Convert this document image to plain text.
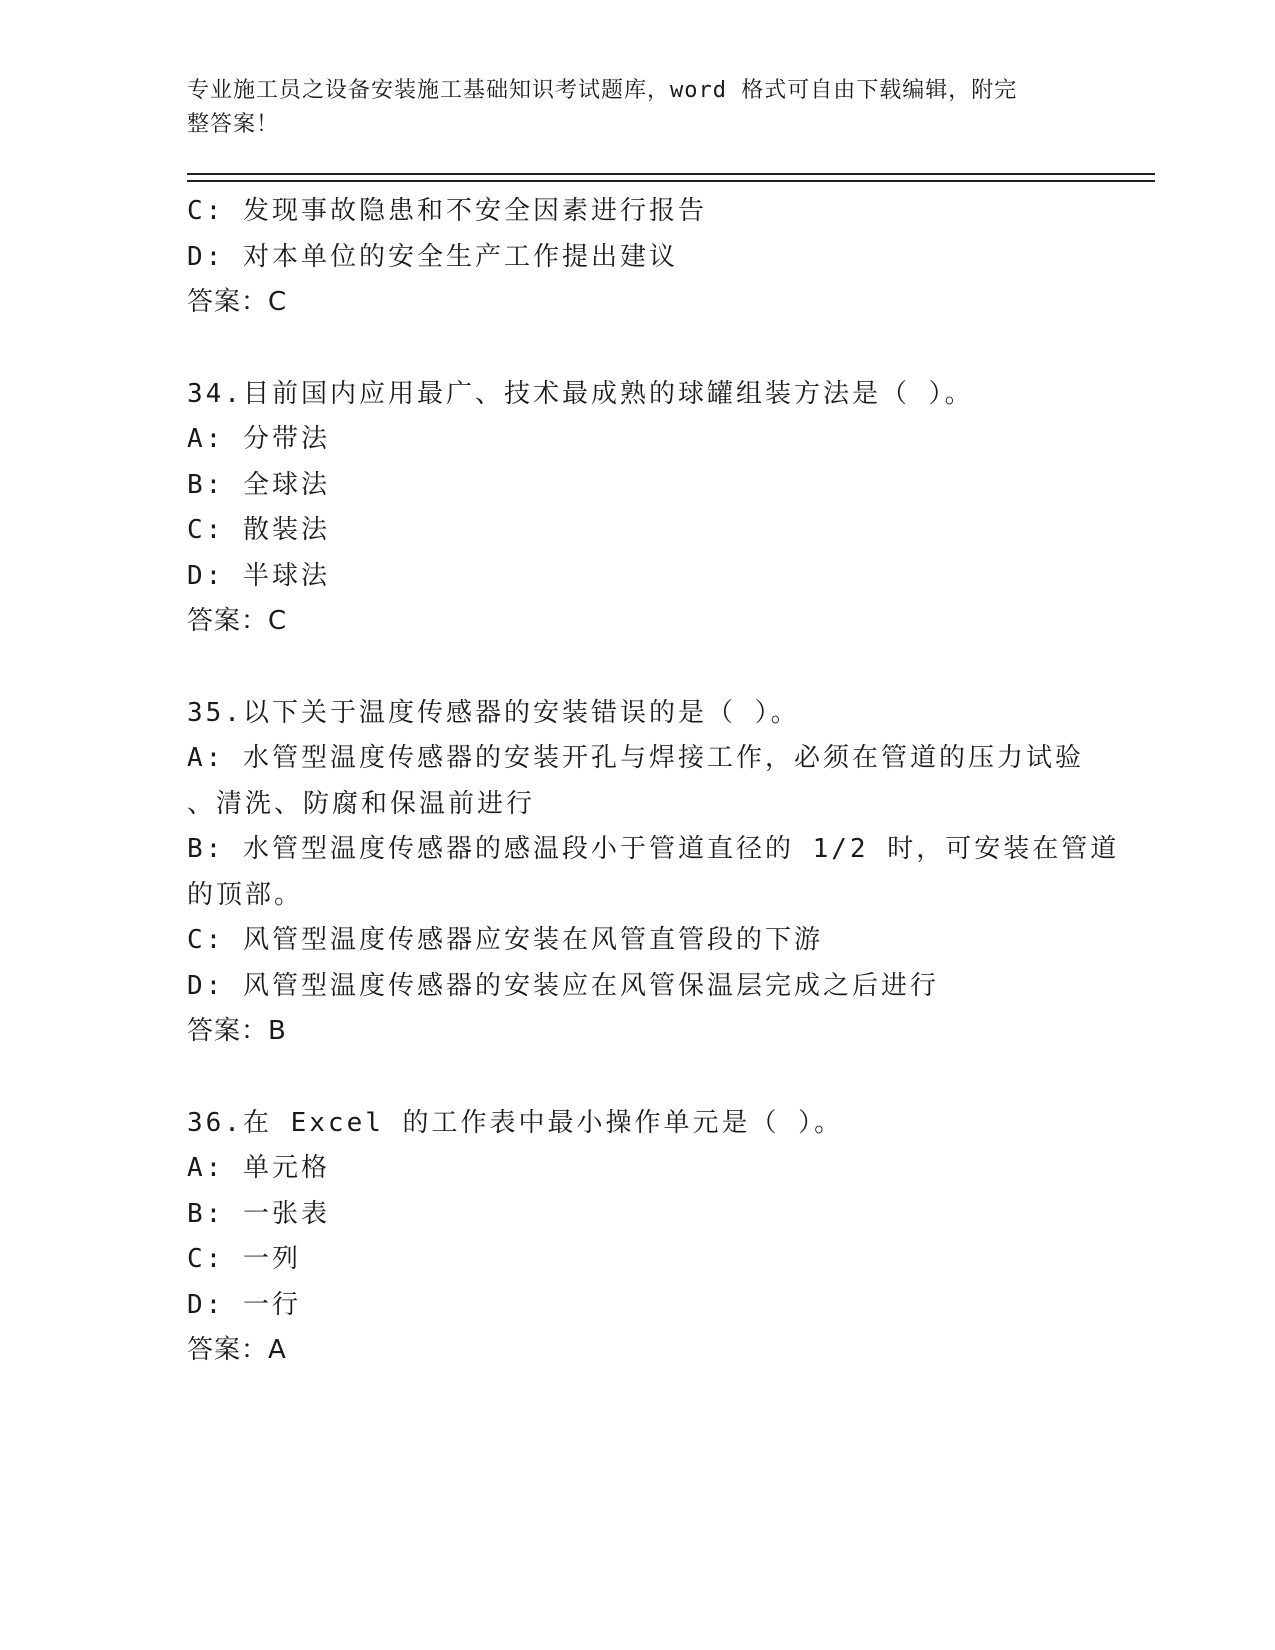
专业施工员之设备安装施工基础知识考试题库，word 格式可自由下载编辑，附完
整答案！
C: 发现事故隐患和不安全因素进行报告
D: 对本单位的安全生产工作提出建议
答案：C
34.目前国内应用最广、技术最成熟的球罐组装方法是（ ）。
A: 分带法
B: 全球法
C: 散装法
D: 半球法
答案：C
35.以下关于温度传感器的安装错误的是（ ）。
A: 水管型温度传感器的安装开孔与焊接工作，必须在管道的压力试验
、清洗、防腐和保温前进行
B: 水管型温度传感器的感温段小于管道直径的 1/2 时，可安装在管道
的顶部。
C: 风管型温度传感器应安装在风管直管段的下游
D: 风管型温度传感器的安装应在风管保温层完成之后进行
答案：B
36.在 Excel 的工作表中最小操作单元是（ ）。
A: 单元格
B: 一张表
C: 一列
D: 一行
答案：A
